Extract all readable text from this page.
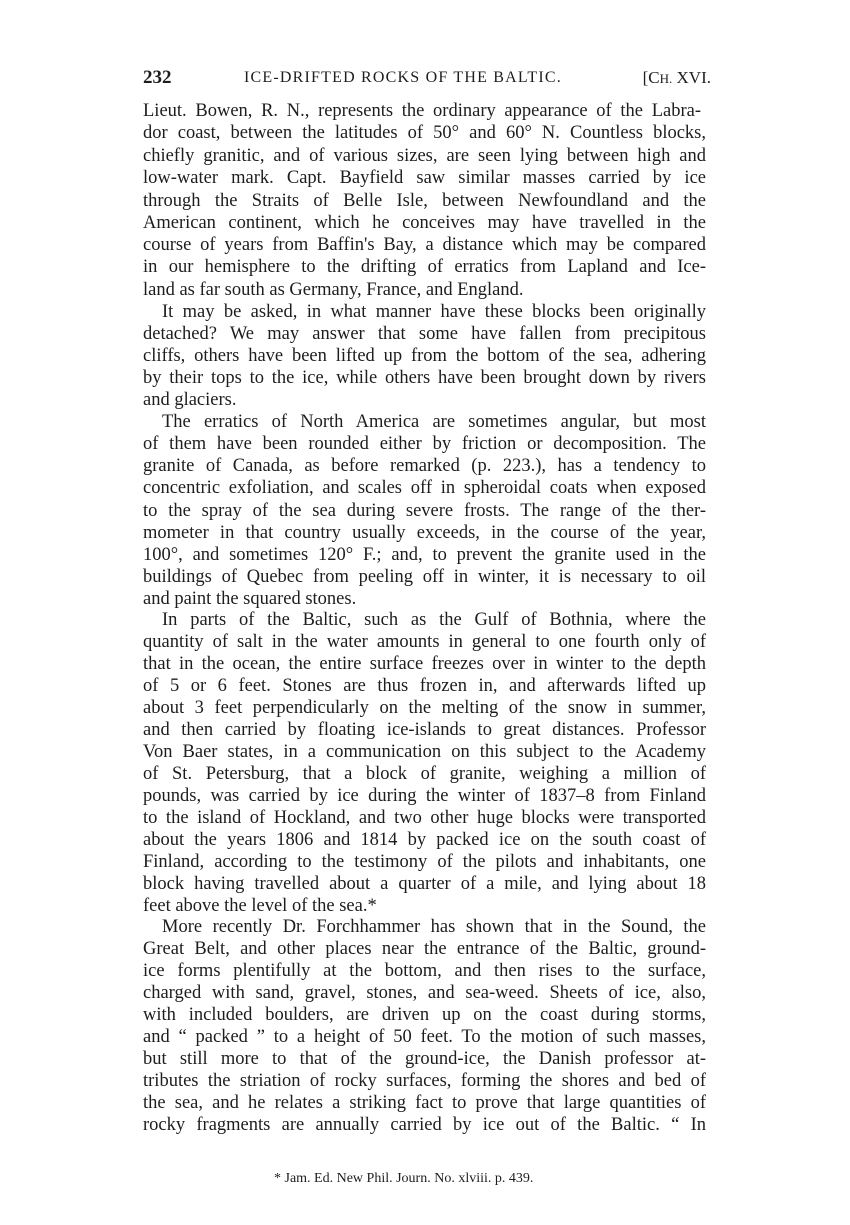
232	ICE-DRIFTED ROCKS OF THE BALTIC.	[CH. XVI.
Lieut. Bowen, R. N., represents the ordinary appearance of the Labra-
dor coast, between the latitudes of 50° and 60° N. Countless blocks,
chiefly granitic, and of various sizes, are seen lying between high and
low-water mark. Capt. Bayfield saw similar masses carried by ice
through the Straits of Belle Isle, between Newfoundland and the
American continent, which he conceives may have travelled in the
course of years from Baffin's Bay, a distance which may be compared
in our hemisphere to the drifting of erratics from Lapland and Ice-
land as far south as Germany, France, and England.
It may be asked, in what manner have these blocks been originally
detached? We may answer that some have fallen from precipitous
cliffs, others have been lifted up from the bottom of the sea, adhering
by their tops to the ice, while others have been brought down by rivers
and glaciers.
The erratics of North America are sometimes angular, but most
of them have been rounded either by friction or decomposition. The
granite of Canada, as before remarked (p. 223.), has a tendency to
concentric exfoliation, and scales off in spheroidal coats when exposed
to the spray of the sea during severe frosts. The range of the ther-
mometer in that country usually exceeds, in the course of the year,
100°, and sometimes 120° F.; and, to prevent the granite used in the
buildings of Quebec from peeling off in winter, it is necessary to oil
and paint the squared stones.
In parts of the Baltic, such as the Gulf of Bothnia, where the
quantity of salt in the water amounts in general to one fourth only of
that in the ocean, the entire surface freezes over in winter to the depth
of 5 or 6 feet. Stones are thus frozen in, and afterwards lifted up
about 3 feet perpendicularly on the melting of the snow in summer,
and then carried by floating ice-islands to great distances. Professor
Von Baer states, in a communication on this subject to the Academy
of St. Petersburg, that a block of granite, weighing a million of
pounds, was carried by ice during the winter of 1837–8 from Finland
to the island of Hockland, and two other huge blocks were transported
about the years 1806 and 1814 by packed ice on the south coast of
Finland, according to the testimony of the pilots and inhabitants, one
block having travelled about a quarter of a mile, and lying about 18
feet above the level of the sea.*
More recently Dr. Forchhammer has shown that in the Sound, the
Great Belt, and other places near the entrance of the Baltic, ground-
ice forms plentifully at the bottom, and then rises to the surface,
charged with sand, gravel, stones, and sea-weed. Sheets of ice, also,
with included boulders, are driven up on the coast during storms,
and “ packed ” to a height of 50 feet. To the motion of such masses,
but still more to that of the ground-ice, the Danish professor at-
tributes the striation of rocky surfaces, forming the shores and bed of
the sea, and he relates a striking fact to prove that large quantities of
rocky fragments are annually carried by ice out of the Baltic. “ In
* Jam. Ed. New Phil. Journ. No. xlviii. p. 439.
